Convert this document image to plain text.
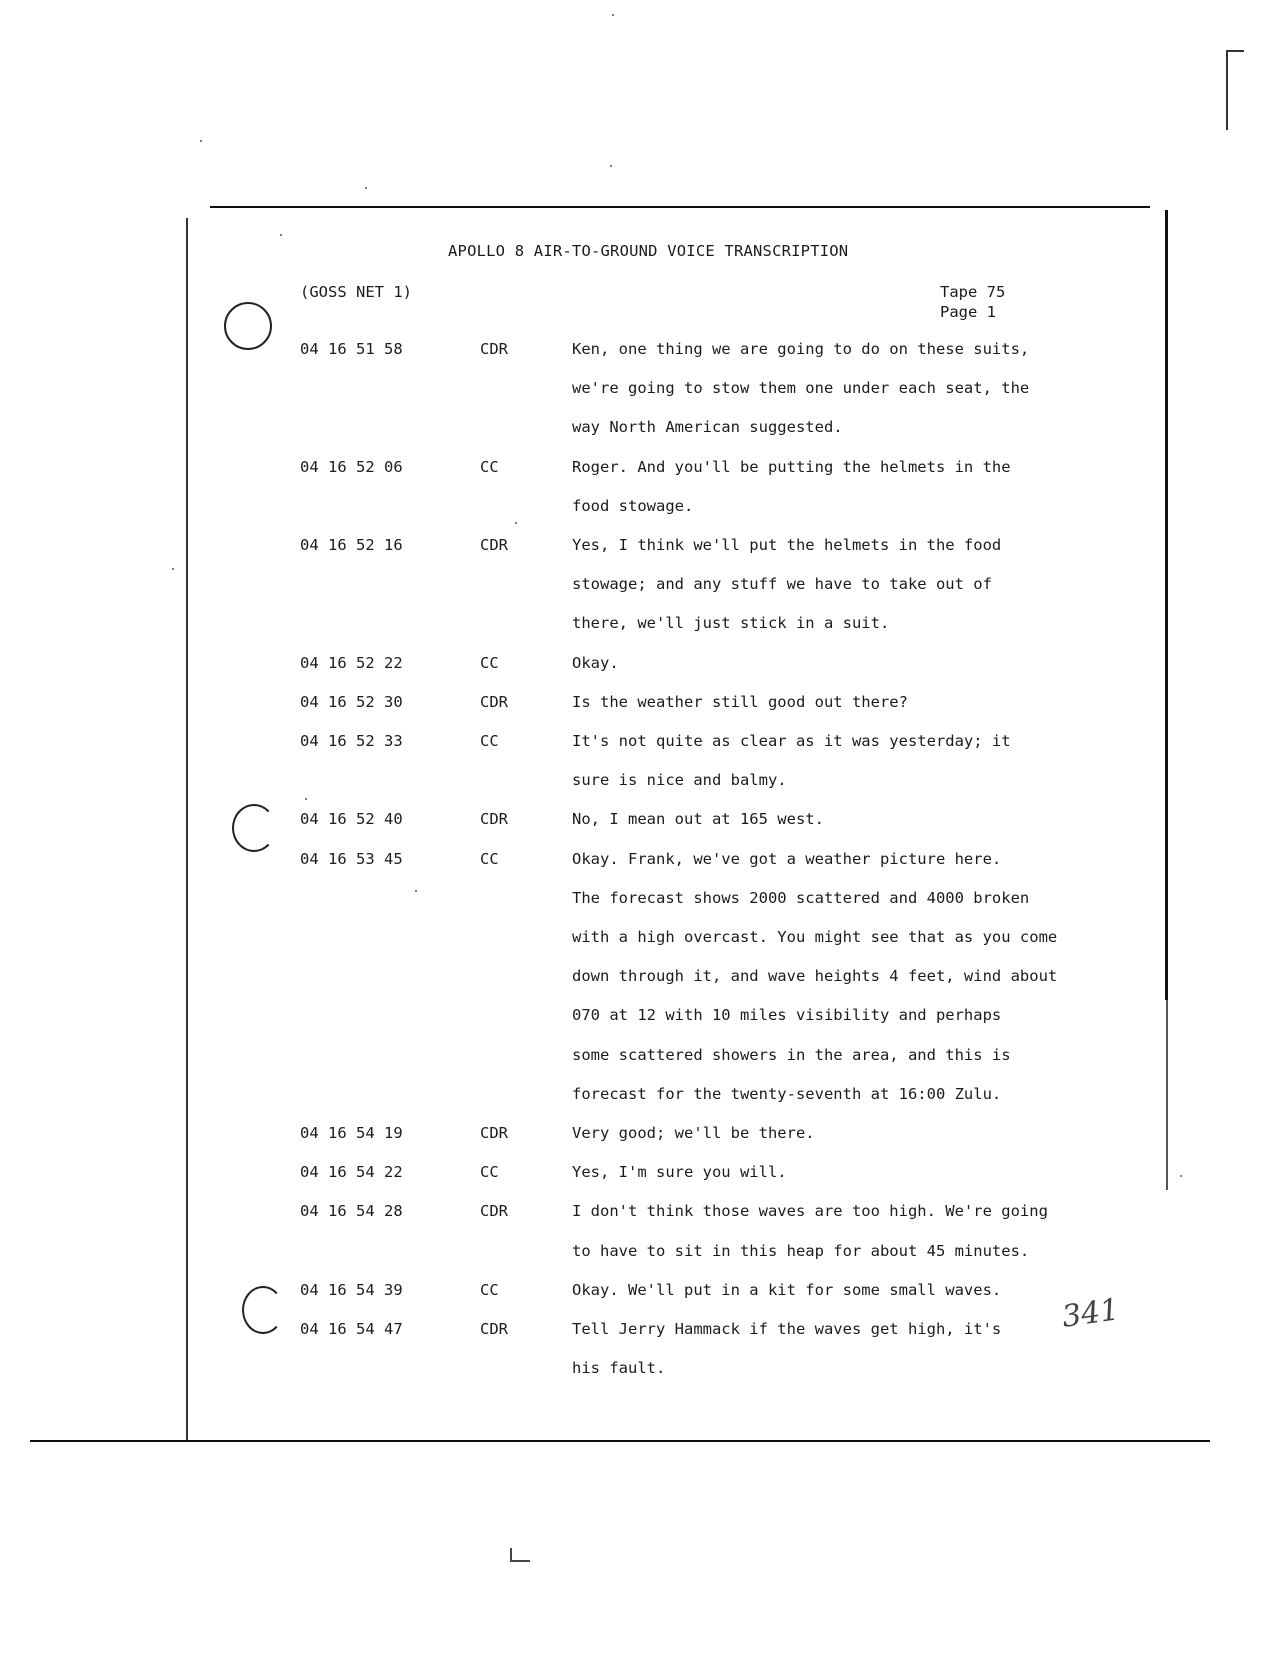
APOLLO 8 AIR-TO-GROUND VOICE TRANSCRIPTION
(GOSS NET 1)	Tape 75
Page 1
04 16 51 58	CDR	Ken, one thing we are going to do on these suits,
we're going to stow them one under each seat, the
way North American suggested.
04 16 52 06	CC	Roger. And you'll be putting the helmets in the
food stowage.
04 16 52 16	CDR	Yes, I think we'll put the helmets in the food
stowage; and any stuff we have to take out of
there, we'll just stick in a suit.
04 16 52 22	CC	Okay.
04 16 52 30	CDR	Is the weather still good out there?
04 16 52 33	CC	It's not quite as clear as it was yesterday; it
sure is nice and balmy.
04 16 52 40	CDR	No, I mean out at 165 west.
04 16 53 45	CC	Okay. Frank, we've got a weather picture here.
The forecast shows 2000 scattered and 4000 broken
with a high overcast. You might see that as you come
down through it, and wave heights 4 feet, wind about
070 at 12 with 10 miles visibility and perhaps
some scattered showers in the area, and this is
forecast for the twenty-seventh at 16:00 Zulu.
04 16 54 19	CDR	Very good; we'll be there.
04 16 54 22	CC	Yes, I'm sure you will.
04 16 54 28	CDR	I don't think those waves are too high. We're going
to have to sit in this heap for about 45 minutes.
04 16 54 39	CC	Okay. We'll put in a kit for some small waves.
04 16 54 47	CDR	Tell Jerry Hammack if the waves get high, it's
his fault.
341
